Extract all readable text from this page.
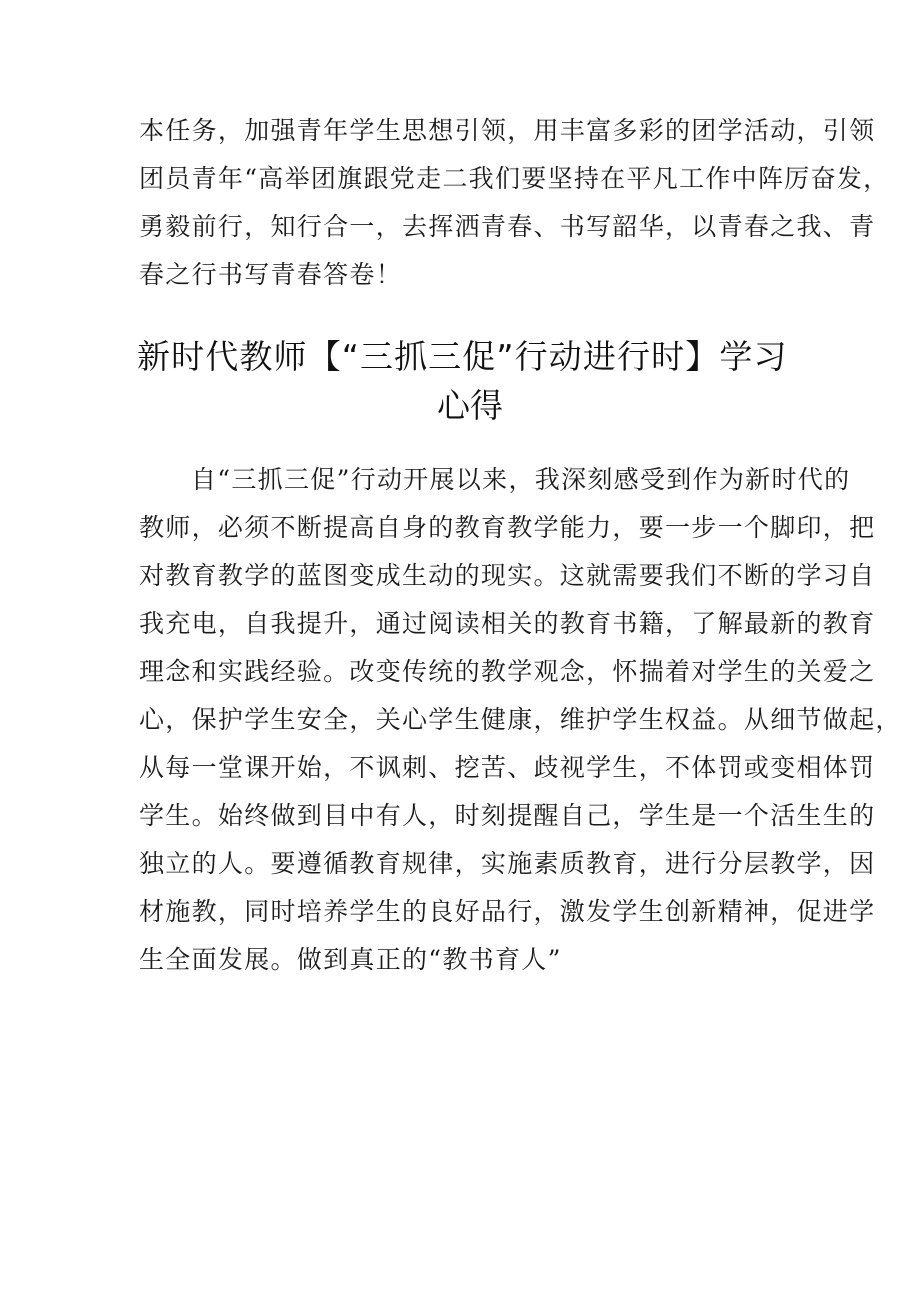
本任务，加强青年学生思想引领，用丰富多彩的团学活动，引领
团员青年“高举团旗跟党走二我们要坚持在平凡工作中阵厉奋发，
勇毅前行，知行合一，去挥洒青春、书写韶华，以青春之我、青
春之行书写青春答卷！
新时代教师【“三抓三促”行动进行时】学习
心得
自“三抓三促”行动开展以来，我深刻感受到作为新时代的
教师，必须不断提高自身的教育教学能力，要一步一个脚印，把
对教育教学的蓝图变成生动的现实。这就需要我们不断的学习自
我充电，自我提升，通过阅读相关的教育书籍，了解最新的教育
理念和实践经验。改变传统的教学观念，怀揣着对学生的关爱之
心，保护学生安全，关心学生健康，维护学生权益。从细节做起，
从每一堂课开始，不讽刺、挖苦、歧视学生，不体罚或变相体罚
学生。始终做到目中有人，时刻提醒自己，学生是一个活生生的
独立的人。要遵循教育规律，实施素质教育，进行分层教学，因
材施教，同时培养学生的良好品行，激发学生创新精神，促进学
生全面发展。做到真正的“教书育人”
